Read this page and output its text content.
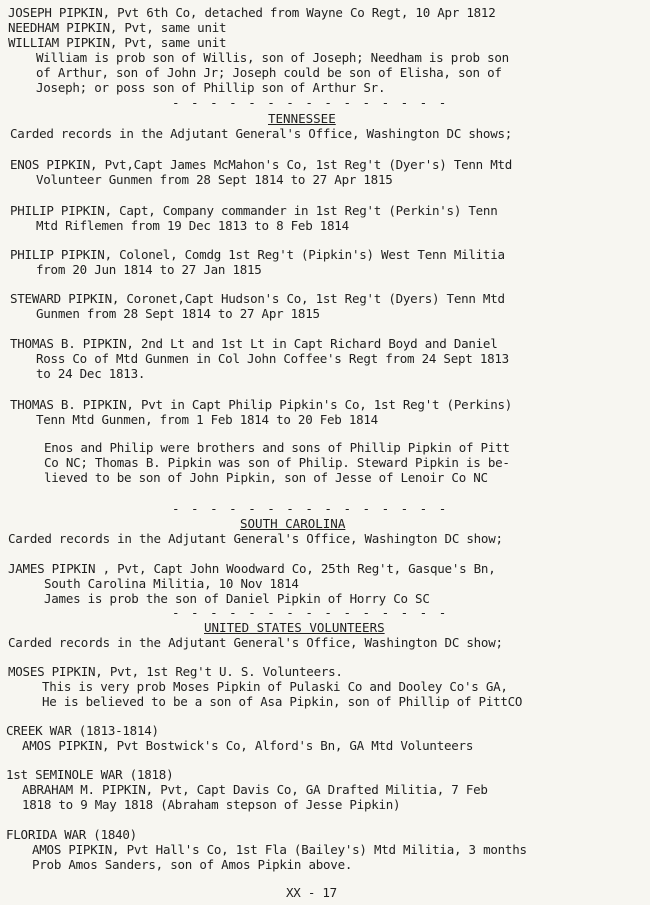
JOSEPH PIPKIN, Pvt 6th Co, detached from Wayne Co Regt, 10 Apr 1812
NEEDHAM PIPKIN, Pvt, same unit
WILLIAM PIPKIN, Pvt, same unit
William is prob son of Willis, son of Joseph; Needham is prob son
of Arthur, son of John Jr; Joseph could be son of Elisha, son of
Joseph; or poss son of Phillip son of Arthur Sr.
- - - - - - - - - - - - - - -
TENNESSEE
Carded records in the Adjutant General's Office, Washington DC shows;
ENOS PIPKIN, Pvt,Capt James McMahon's Co, 1st Reg't (Dyer's) Tenn Mtd
Volunteer Gunmen from 28 Sept 1814 to 27 Apr 1815
PHILIP PIPKIN, Capt, Company commander in 1st Reg't (Perkin's) Tenn
Mtd Riflemen from 19 Dec 1813 to 8 Feb 1814
PHILIP PIPKIN, Colonel, Comdg 1st Reg't (Pipkin's) West Tenn Militia
from 20 Jun 1814 to 27 Jan 1815
STEWARD PIPKIN, Coronet,Capt Hudson's Co, 1st Reg't (Dyers) Tenn Mtd
Gunmen from 28 Sept 1814 to 27 Apr 1815
THOMAS B. PIPKIN, 2nd Lt and 1st Lt in Capt Richard Boyd and Daniel
Ross Co of Mtd Gunmen in Col John Coffee's Regt from 24 Sept 1813
to 24 Dec 1813.
THOMAS B. PIPKIN, Pvt in Capt Philip Pipkin's Co, 1st Reg't (Perkins)
Tenn Mtd Gunmen, from 1 Feb 1814 to 20 Feb 1814
Enos and Philip were brothers and sons of Phillip Pipkin of Pitt
Co NC; Thomas B. Pipkin was son of Philip. Steward Pipkin is be-
lieved to be son of John Pipkin, son of Jesse of Lenoir Co NC
- - - - - - - - - - - - - - -
SOUTH CAROLINA
Carded records in the Adjutant General's Office, Washington DC show;
JAMES PIPKIN , Pvt, Capt John Woodward Co, 25th Reg't, Gasque's Bn,
South Carolina Militia, 10 Nov 1814
James is prob the son of Daniel Pipkin of Horry Co SC
- - - - - - - - - - - - - - -
UNITED STATES VOLUNTEERS
Carded records in the Adjutant General's Office, Washington DC show;
MOSES PIPKIN, Pvt, 1st Reg't U. S. Volunteers.
This is very prob Moses Pipkin of Pulaski Co and Dooley Co's GA,
He is believed to be a son of Asa Pipkin, son of Phillip of PittCO
CREEK WAR (1813-1814)
AMOS PIPKIN, Pvt Bostwick's Co, Alford's Bn, GA Mtd Volunteers
1st SEMINOLE WAR (1818)
ABRAHAM M. PIPKIN, Pvt, Capt Davis Co, GA Drafted Militia, 7 Feb
1818 to 9 May 1818 (Abraham stepson of Jesse Pipkin)
FLORIDA WAR (1840)
AMOS PIPKIN, Pvt Hall's Co, 1st Fla (Bailey's) Mtd Militia, 3 months
Prob Amos Sanders, son of Amos Pipkin above.
XX - 17
